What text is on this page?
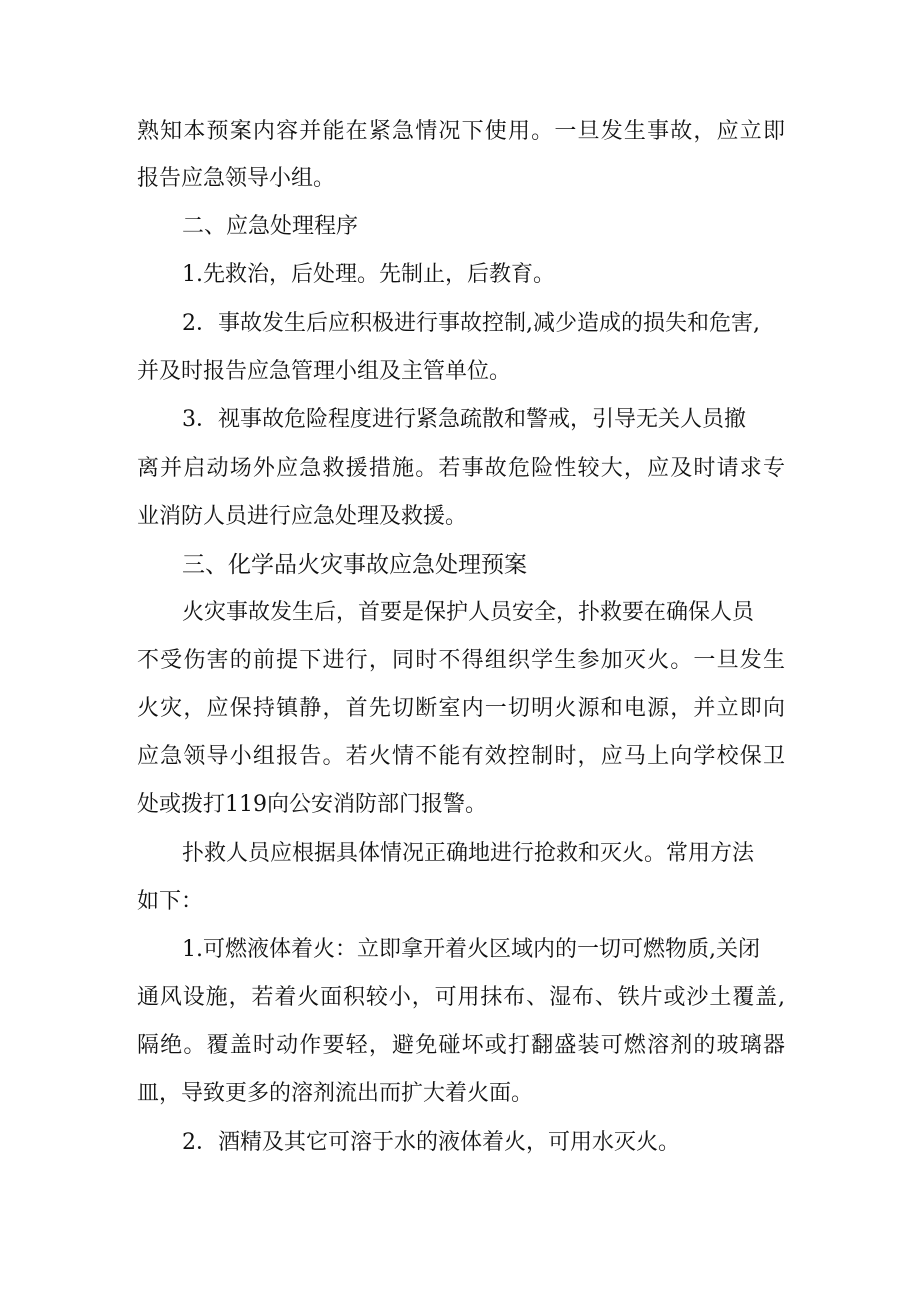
熟知本预案内容并能在紧急情况下使用。一旦发生事故，应立即
报告应急领导小组。
二、应急处理程序
1.先救治，后处理。先制止，后教育。
2．事故发生后应积极进行事故控制,减少造成的损失和危害,
并及时报告应急管理小组及主管单位。
3．视事故危险程度进行紧急疏散和警戒，引导无关人员撤
离并启动场外应急救援措施。若事故危险性较大，应及时请求专
业消防人员进行应急处理及救援。
三、化学品火灾事故应急处理预案
火灾事故发生后，首要是保护人员安全，扑救要在确保人员
不受伤害的前提下进行，同时不得组织学生参加灭火。一旦发生
火灾，应保持镇静，首先切断室内一切明火源和电源，并立即向
应急领导小组报告。若火情不能有效控制时，应马上向学校保卫
处或拨打119向公安消防部门报警。
扑救人员应根据具体情况正确地进行抢救和灭火。常用方法
如下：
1.可燃液体着火：立即拿开着火区域内的一切可燃物质,关闭
通风设施，若着火面积较小，可用抹布、湿布、铁片或沙土覆盖,
隔绝。覆盖时动作要轻，避免碰坏或打翻盛装可燃溶剂的玻璃器
皿，导致更多的溶剂流出而扩大着火面。
2．酒精及其它可溶于水的液体着火，可用水灭火。
